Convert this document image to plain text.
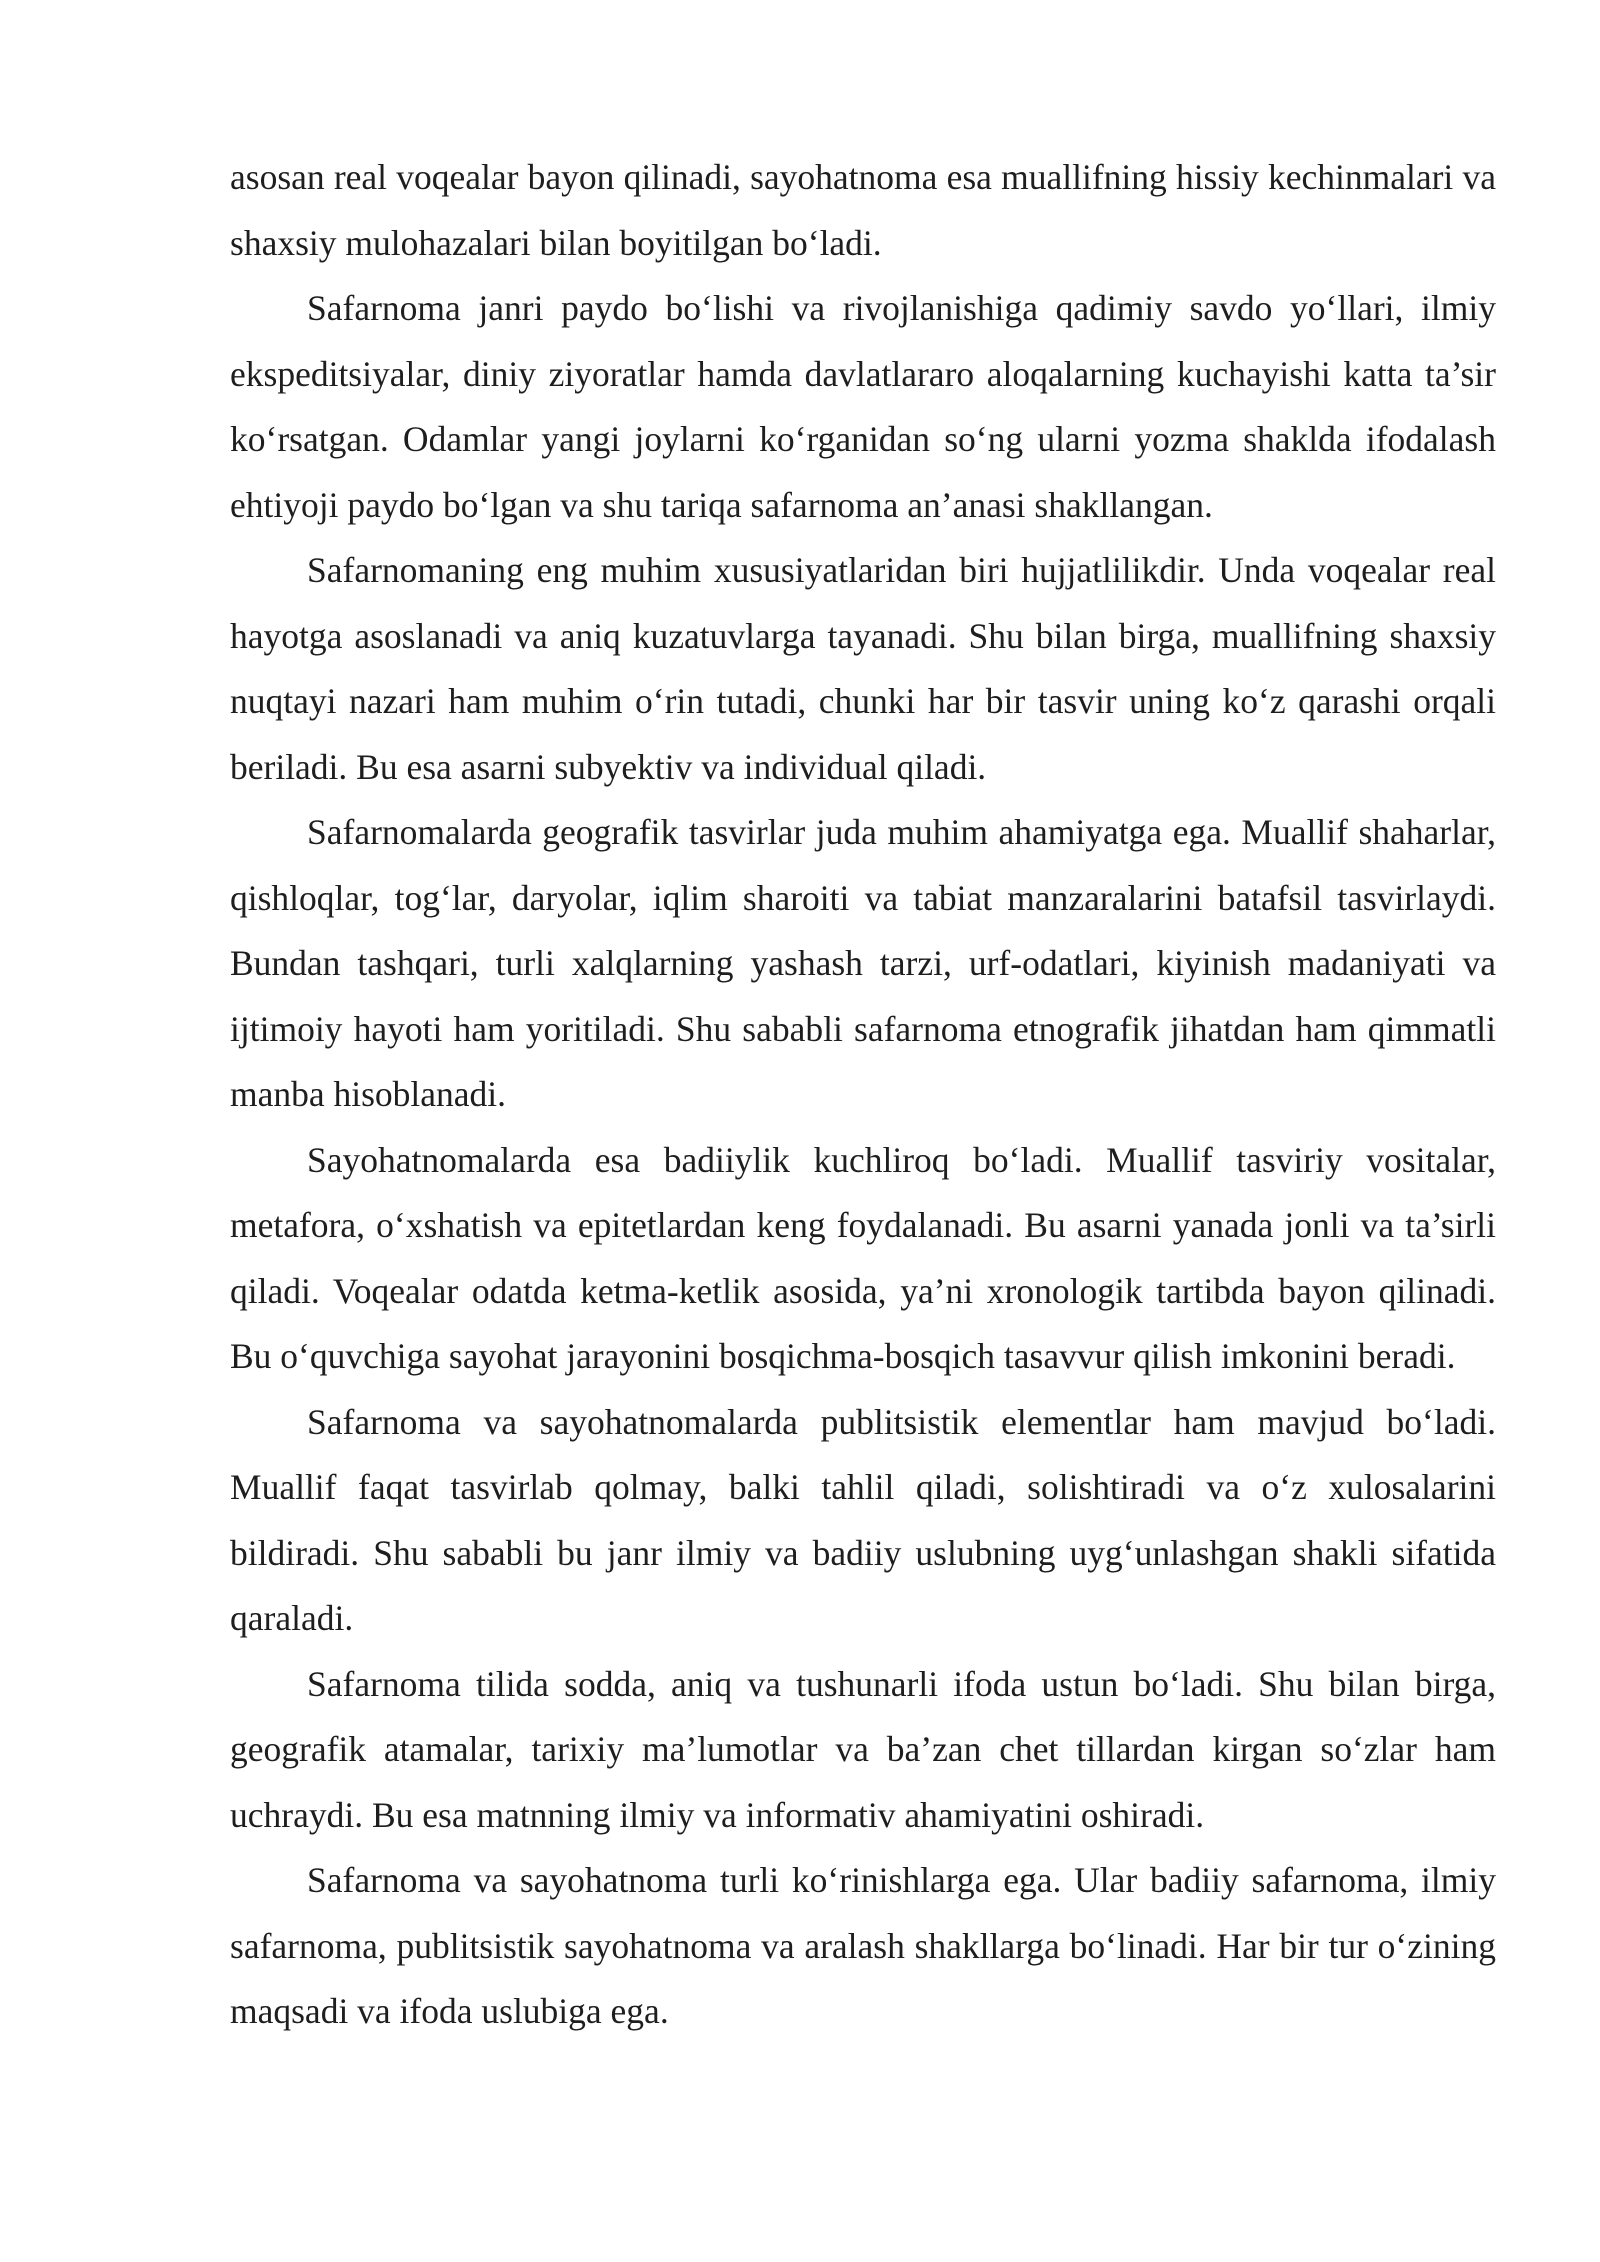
asosan real voqealar bayon qilinadi, sayohatnoma esa muallifning hissiy kechinmalari va shaxsiy mulohazalari bilan boyitilgan bo‘ladi.

Safarnoma janri paydo bo‘lishi va rivojlanishiga qadimiy savdo yo‘llari, ilmiy ekspeditsiyalar, diniy ziyoratlar hamda davlatlararo aloqalarning kuchayishi katta ta’sir ko‘rsatgan. Odamlar yangi joylarni ko‘rganidan so‘ng ularni yozma shaklda ifodalash ehtiyoji paydo bo‘lgan va shu tariqa safarnoma an’anasi shakllangan.

Safarnomaning eng muhim xususiyatlaridan biri hujjatlilikdir. Unda voqealar real hayotga asoslanadi va aniq kuzatuvlarga tayanadi. Shu bilan birga, muallifning shaxsiy nuqtayi nazari ham muhim o‘rin tutadi, chunki har bir tasvir uning ko‘z qarashi orqali beriladi. Bu esa asarni subyektiv va individual qiladi.

Safarnomalarda geografik tasvirlar juda muhim ahamiyatga ega. Muallif shaharlar, qishloqlar, tog‘lar, daryolar, iqlim sharoiti va tabiat manzaralarini batafsil tasvirlaydi. Bundan tashqari, turli xalqlarning yashash tarzi, urf-odatlari, kiyinish madaniyati va ijtimoiy hayoti ham yoritiladi. Shu sababli safarnoma etnografik jihatdan ham qimmatli manba hisoblanadi.

Sayohatnomalarda esa badiiylik kuchliroq bo‘ladi. Muallif tasviriy vositalar, metafora, o‘xshatish va epitetlardan keng foydalanadi. Bu asarni yanada jonli va ta’sirli qiladi. Voqealar odatda ketma-ketlik asosida, ya’ni xronologik tartibda bayon qilinadi. Bu o‘quvchiga sayohat jarayonini bosqichma-bosqich tasavvur qilish imkonini beradi.

Safarnoma va sayohatnomalarda publitsistik elementlar ham mavjud bo‘ladi. Muallif faqat tasvirlab qolmay, balki tahlil qiladi, solishtiradi va o‘z xulosalarini bildiradi. Shu sababli bu janr ilmiy va badiiy uslubning uyg‘unlashgan shakli sifatida qaraladi.

Safarnoma tilida sodda, aniq va tushunarli ifoda ustun bo‘ladi. Shu bilan birga, geografik atamalar, tarixiy ma’lumotlar va ba’zan chet tillardan kirgan so‘zlar ham uchraydi. Bu esa matnning ilmiy va informativ ahamiyatini oshiradi.

Safarnoma va sayohatnoma turli ko‘rinishlarga ega. Ular badiiy safarnoma, ilmiy safarnoma, publitsistik sayohatnoma va aralash shakllarga bo‘linadi. Har bir tur o‘zining maqsadi va ifoda uslubiga ega.
